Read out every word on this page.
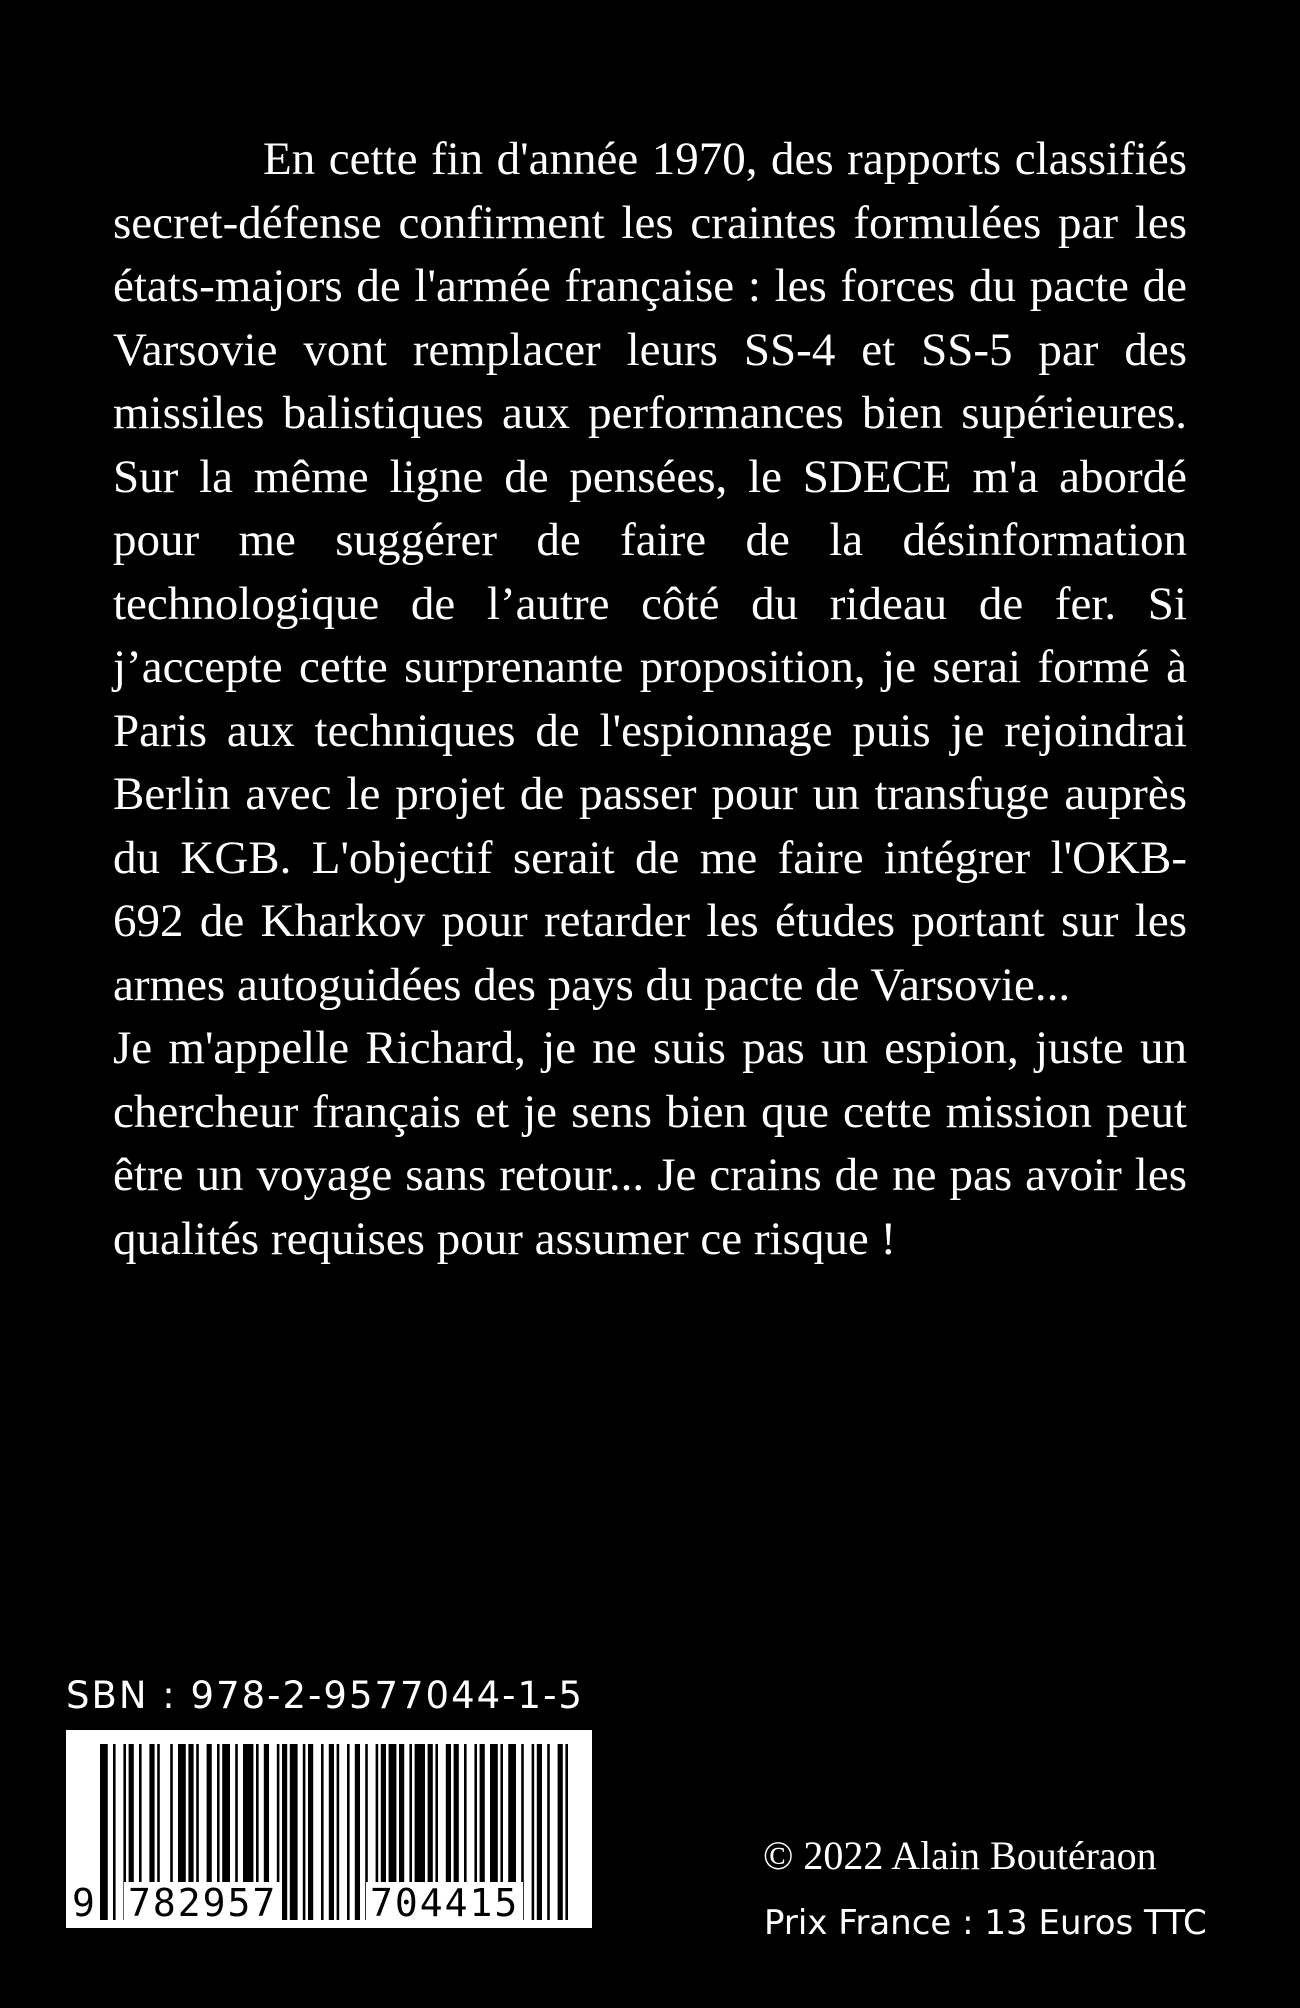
En cette fin d'année 1970, des rapports classifiés secret-défense confirment les craintes formulées par les états-majors de l'armée française : les forces du pacte de Varsovie vont remplacer leurs SS-4 et SS-5 par des missiles balistiques aux performances bien supérieures. Sur la même ligne de pensées, le SDECE m'a abordé pour me suggérer de faire de la désinformation technologique de l’autre côté du rideau de fer. Si j’accepte cette surprenante proposition, je serai formé à Paris aux techniques de l'espionnage puis je rejoindrai Berlin avec le projet de passer pour un transfuge auprès du KGB. L'objectif serait de me faire intégrer l'OKB-692 de Kharkov pour retarder les études portant sur les armes autoguidées des pays du pacte de Varsovie...

Je m'appelle Richard, je ne suis pas un espion, juste un chercheur français et je sens bien que cette mission peut être un voyage sans retour... Je crains de ne pas avoir les qualités requises pour assumer ce risque !

SBN : 978-2-9577044-1-5
9 782957 704415
© 2022 Alain Boutéraon
Prix France : 13 Euros TTC
